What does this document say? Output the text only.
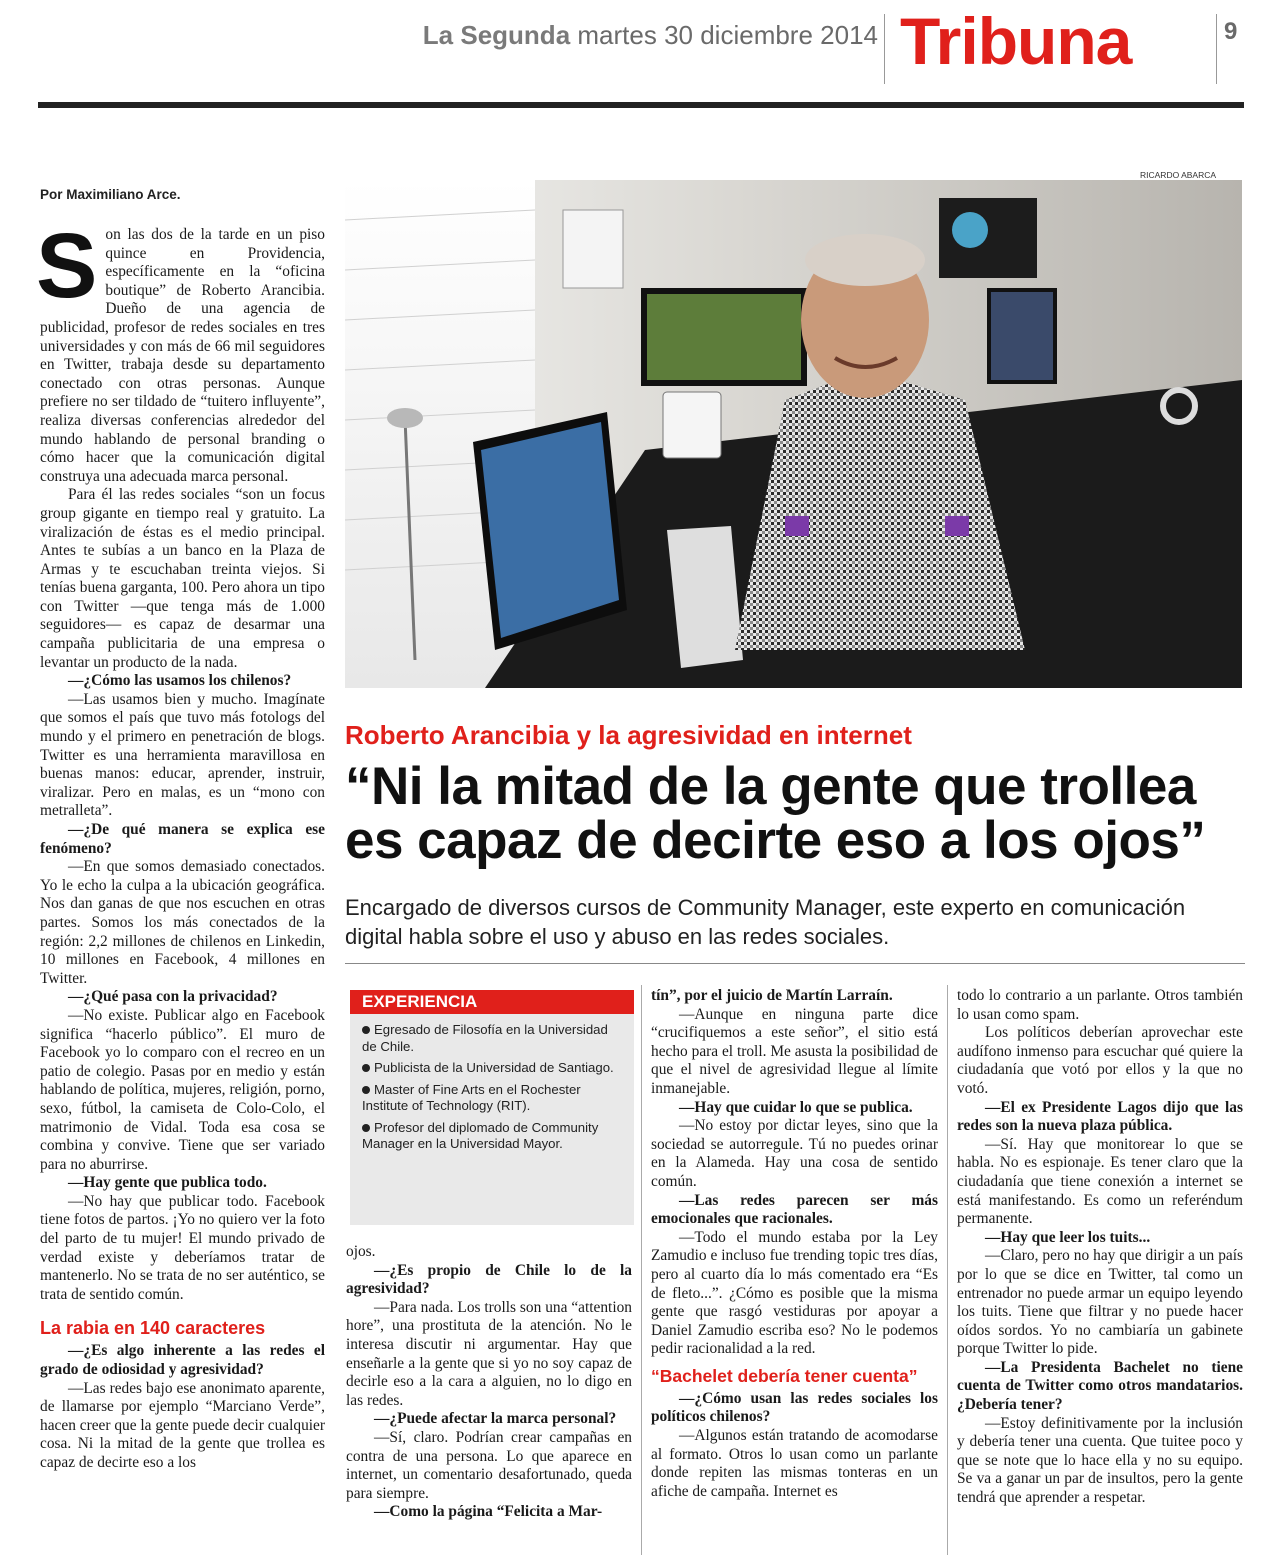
La Segunda martes 30 diciembre 2014 Tribuna	9
Por Maximiliano Arce.

Son las dos de la tarde en un piso quince en Providencia, específicamente en la “oficina boutique” de Roberto Arancibia. Dueño de una agencia de publicidad, profesor de redes sociales en tres universidades y con más de 66 mil seguidores en Twitter, trabaja desde su departamento conectado con otras personas. Aunque prefiere no ser tildado de “tuitero influyente”, realiza diversas conferencias alrededor del mundo hablando de personal branding o cómo hacer que la comunicación digital construya una adecuada marca personal.

Para él las redes sociales “son un focus group gigante en tiempo real y gratuito. La viralización de éstas es el medio principal. Antes te subías a un banco en la Plaza de Armas y te escuchaban treinta viejos. Si tenías buena garganta, 100. Pero ahora un tipo con Twitter —que tenga más de 1.000 seguidores— es capaz de desarmar una campaña publicitaria de una empresa o levantar un producto de la nada.

—¿Cómo las usamos los chilenos?

—Las usamos bien y mucho. Imagínate que somos el país que tuvo más fotologs del mundo y el primero en penetración de blogs. Twitter es una herramienta maravillosa en buenas manos: educar, aprender, instruir, viralizar. Pero en malas, es un “mono con metralleta”.

—¿De qué manera se explica ese fenómeno?

—En que somos demasiado conectados. Yo le echo la culpa a la ubicación geográfica. Nos dan ganas de que nos escuchen en otras partes. Somos los más conectados de la región: 2,2 millones de chilenos en Linkedin, 10 millones en Facebook, 4 millones en Twitter.

—¿Qué pasa con la privacidad?

—No existe. Publicar algo en Facebook significa “hacerlo público”. El muro de Facebook yo lo comparo con el recreo en un patio de colegio. Pasas por en medio y están hablando de política, mujeres, religión, porno, sexo, fútbol, la camiseta de Colo-Colo, el matrimonio de Vidal. Toda esa cosa se combina y convive. Tiene que ser variado para no aburrirse.

—Hay gente que publica todo.

—No hay que publicar todo. Facebook tiene fotos de partos. ¡Yo no quiero ver la foto del parto de tu mujer! El mundo privado de verdad existe y deberíamos tratar de mantenerlo. No se trata de no ser auténtico, se trata de sentido común.

La rabia en 140 caracteres

—¿Es algo inherente a las redes el grado de odiosidad y agresividad?

—Las redes bajo ese anonimato aparente, de llamarse por ejemplo “Marciano Verde”, hacen creer que la gente puede decir cualquier cosa. Ni la mitad de la gente que trollea es capaz de decirte eso a los

RICARDO ABARCA
Roberto Arancibia y la agresividad en internet
“Ni la mitad de la gente que trollea es capaz de decirte eso a los ojos”
Encargado de diversos cursos de Community Manager, este experto en comunicación digital habla sobre el uso y abuso en las redes sociales.
EXPERIENCIA
Egresado de Filosofía en la Universidad de Chile.
Publicista de la Universidad de Santiago.
Master of Fine Arts en el Rochester Institute of Technology (RIT).
Profesor del diplomado de Community Manager en la Universidad Mayor.

ojos.

—¿Es propio de Chile lo de la agresividad?

—Para nada. Los trolls son una “attention hore”, una prostituta de la atención. No le interesa discutir ni argumentar. Hay que enseñarle a la gente que si yo no soy capaz de decirle eso a la cara a alguien, no lo digo en las redes.

—¿Puede afectar la marca personal?

—Sí, claro. Podrían crear campañas en contra de una persona. Lo que aparece en internet, un comentario desafortunado, queda para siempre.

—Como la página “Felicita a Mar-

tín”, por el juicio de Martín Larraín.

—Aunque en ninguna parte dice “crucifiquemos a este señor”, el sitio está hecho para el troll. Me asusta la posibilidad de que el nivel de agresividad llegue al límite inmanejable.

—Hay que cuidar lo que se publica.

—No estoy por dictar leyes, sino que la sociedad se autorregule. Tú no puedes orinar en la Alameda. Hay una cosa de sentido común.

—Las redes parecen ser más emocionales que racionales.

—Todo el mundo estaba por la Ley Zamudio e incluso fue trending topic tres días, pero al cuarto día lo más comentado era “Es de fleto...”. ¿Cómo es posible que la misma gente que rasgó vestiduras por apoyar a Daniel Zamudio escriba eso? No le podemos pedir racionalidad a la red.

“Bachelet debería tener cuenta”

—¿Cómo usan las redes sociales los políticos chilenos?

—Algunos están tratando de acomodarse al formato. Otros lo usan como un parlante donde repiten las mismas tonteras en un afiche de campaña. Internet es

todo lo contrario a un parlante. Otros también lo usan como spam.

Los políticos deberían aprovechar este audífono inmenso para escuchar qué quiere la ciudadanía que votó por ellos y la que no votó.

—El ex Presidente Lagos dijo que las redes son la nueva plaza pública.

—Sí. Hay que monitorear lo que se habla. No es espionaje. Es tener claro que la ciudadanía que tiene conexión a internet se está manifestando. Es como un referéndum permanente.

—Hay que leer los tuits...

—Claro, pero no hay que dirigir a un país por lo que se dice en Twitter, tal como un entrenador no puede armar un equipo leyendo los tuits. Tiene que filtrar y no puede hacer oídos sordos. Yo no cambiaría un gabinete porque Twitter lo pide.

—La Presidenta Bachelet no tiene cuenta de Twitter como otros mandatarios. ¿Debería tener?

—Estoy definitivamente por la inclusión y debería tener una cuenta. Que tuitee poco y que se note que lo hace ella y no su equipo. Se va a ganar un par de insultos, pero la gente tendrá que aprender a respetar.
